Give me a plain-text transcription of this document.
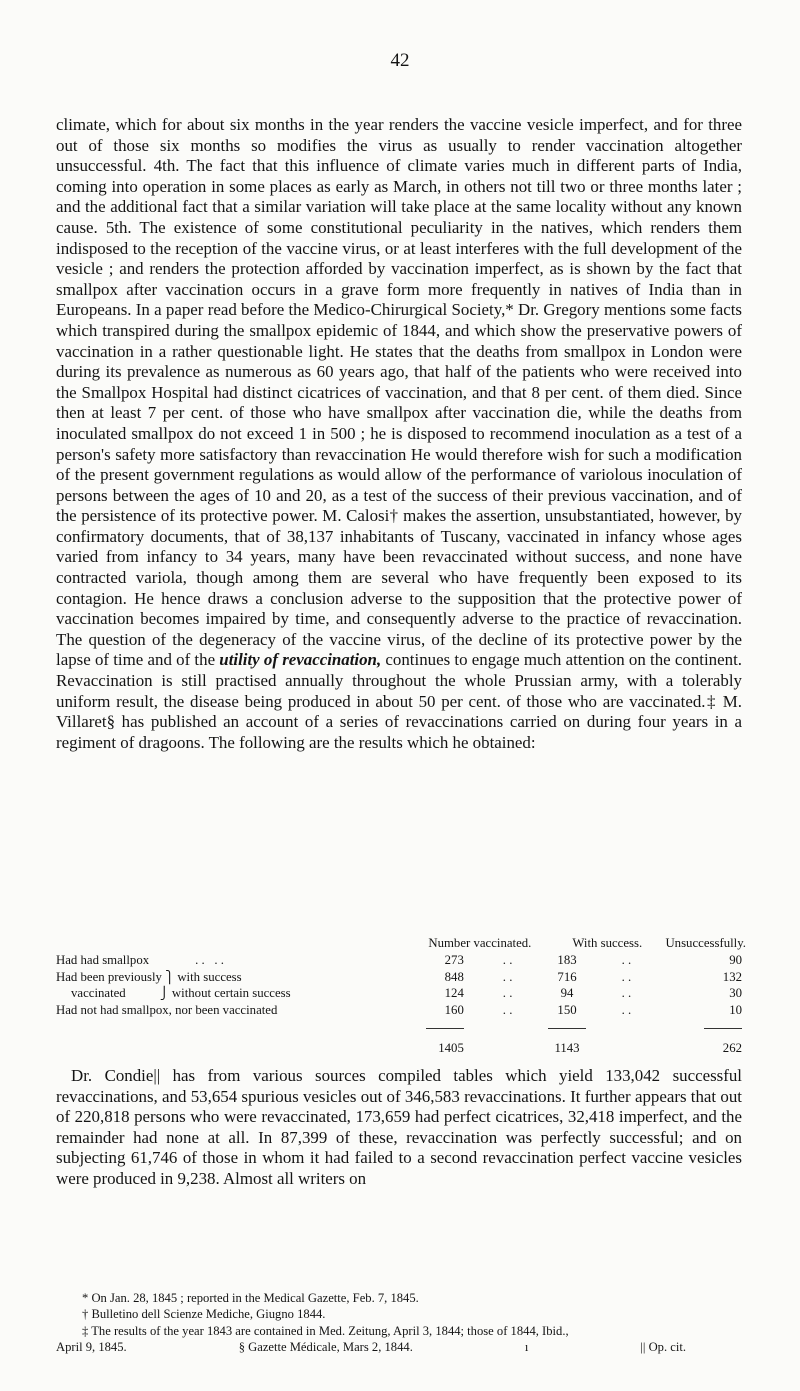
42

climate, which for about six months in the year renders the vaccine vesicle imperfect, and for three out of those six months so modifies the virus as usually to render vaccination altogether unsuccessful. 4th. The fact that this influence of climate varies much in different parts of India, coming into operation in some places as early as March, in others not till two or three months later ; and the additional fact that a similar variation will take place at the same locality without any known cause. 5th. The existence of some constitutional peculiarity in the natives, which renders them indisposed to the reception of the vaccine virus, or at least interferes with the full development of the vesicle ; and renders the protection afforded by vaccination imperfect, as is shown by the fact that smallpox after vaccination occurs in a grave form more frequently in natives of India than in Europeans. In a paper read before the Medico-Chirurgical Society,* Dr. Gregory mentions some facts which transpired during the smallpox epidemic of 1844, and which show the preservative powers of vaccination in a rather questionable light. He states that the deaths from smallpox in London were during its prevalence as numerous as 60 years ago, that half of the patients who were received into the Smallpox Hospital had distinct cicatrices of vaccination, and that 8 per cent. of them died. Since then at least 7 per cent. of those who have smallpox after vaccination die, while the deaths from inoculated smallpox do not exceed 1 in 500 ; he is disposed to recommend inoculation as a test of a person's safety more satisfactory than revaccination He would therefore wish for such a modification of the present government regulations as would allow of the performance of variolous inoculation of persons between the ages of 10 and 20, as a test of the success of their previous vaccination, and of the persistence of its protective power. M. Calosi† makes the assertion, unsubstantiated, however, by confirmatory documents, that of 38,137 inhabitants of Tuscany, vaccinated in infancy whose ages varied from infancy to 34 years, many have been revaccinated without success, and none have contracted variola, though among them are several who have frequently been exposed to its contagion. He hence draws a conclusion adverse to the supposition that the protective power of vaccination becomes impaired by time, and consequently adverse to the practice of revaccination. The question of the degeneracy of the vaccine virus, of the decline of its protective power by the lapse of time and of the utility of revaccination, continues to engage much attention on the continent. Revaccination is still practised annually throughout the whole Prussian army, with a tolerably uniform result, the disease being produced in about 50 per cent. of those who are vaccinated.‡ M. Villaret§ has published an account of a series of revaccinations carried on during four years in a regiment of dragoons. The following are the results which he obtained:

	Number vaccinated.		With success.		Unsuccessfully.
Had had smallpox . .   . .	273	. .	183	. .	90
Had been previously ⎫ with success	848	. .	716	. .	132
vaccinated ⎭ without certain success	124	. .	94	. .	30
Had not had smallpox, nor been vaccinated	160	. .	150	. .	10

	1405		1143		262

Dr. Condie|| has from various sources compiled tables which yield 133,042 successful revaccinations, and 53,654 spurious vesicles out of 346,583 revaccinations. It further appears that out of 220,818 persons who were revaccinated, 173,659 had perfect cicatrices, 32,418 imperfect, and the remainder had none at all. In 87,399 of these, revaccination was perfectly successful; and on subjecting 61,746 of those in whom it had failed to a second revaccination perfect vaccine vesicles were produced in 9,238. Almost all writers on

* On Jan. 28, 1845 ; reported in the Medical Gazette, Feb. 7, 1845.
† Bulletino dell Scienze Mediche, Giugno 1844.
‡ The results of the year 1843 are contained in Med. Zeitung, April 3, 1844; those of 1844, Ibid.,
April 9, 1845.	§ Gazette Médicale, Mars 2, 1844.	ı	|| Op. cit.
